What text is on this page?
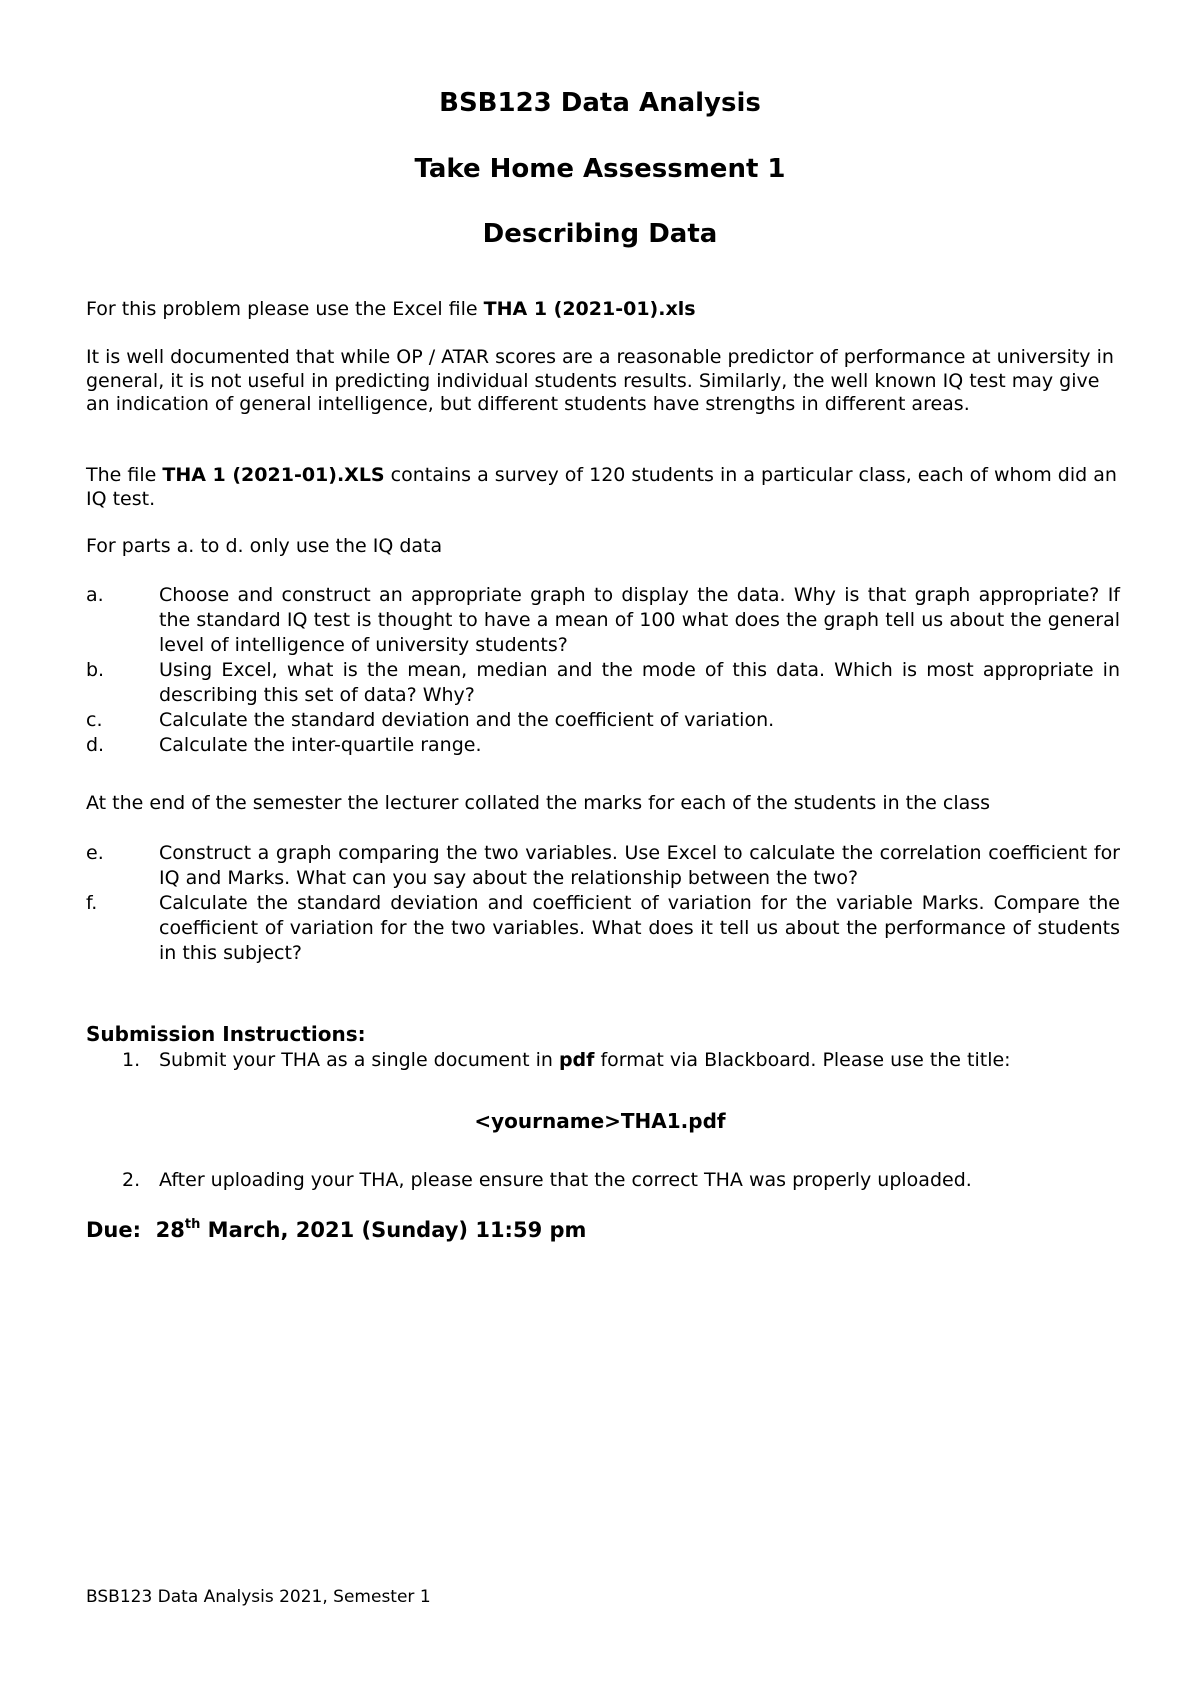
BSB123 Data Analysis
Take Home Assessment 1
Describing Data

For this problem please use the Excel file THA 1 (2021-01).xls

It is well documented that while OP / ATAR scores are a reasonable predictor of performance at university in general, it is not useful in predicting individual students results. Similarly, the well known IQ test may give an indication of general intelligence, but different students have strengths in different areas.

The file THA 1 (2021-01).XLS contains a survey of 120 students in a particular class, each of whom did an IQ test.

For parts a. to d. only use the IQ data

a.	Choose and construct an appropriate graph to display the data. Why is that graph appropriate? If the standard IQ test is thought to have a mean of 100 what does the graph tell us about the general level of intelligence of university students?
b.	Using Excel, what is the mean, median and the mode of this data. Which is most appropriate in describing this set of data? Why?
c.	Calculate the standard deviation and the coefficient of variation.
d.	Calculate the inter-quartile range.

At the end of the semester the lecturer collated the marks for each of the students in the class

e.	Construct a graph comparing the two variables. Use Excel to calculate the correlation coefficient for IQ and Marks. What can you say about the relationship between the two?
f.	Calculate the standard deviation and coefficient of variation for the variable Marks. Compare the coefficient of variation for the two variables. What does it tell us about the performance of students in this subject?
Submission Instructions:
1. Submit your THA as a single document in pdf format via Blackboard. Please use the title:
<yourname>THA1.pdf
2. After uploading your THA, please ensure that the correct THA was properly uploaded.
Due: 28th March, 2021 (Sunday) 11:59 pm
BSB123 Data Analysis 2021, Semester 1
